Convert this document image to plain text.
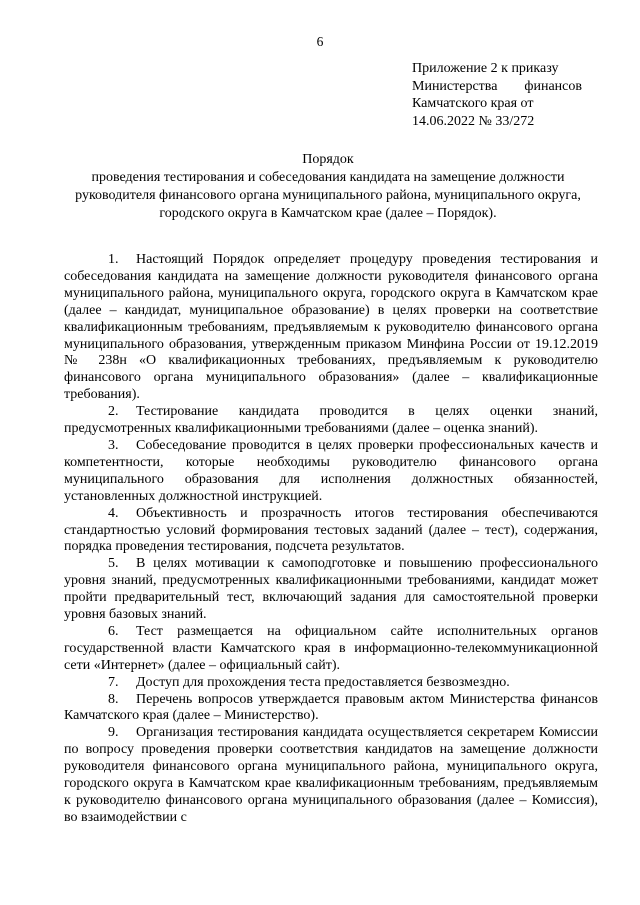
6
Приложение 2 к приказу
Министерства финансов
Камчатского края от
14.06.2022 № 33/272
Порядок
проведения тестирования и собеседования кандидата на замещение должности руководителя финансового органа муниципального района, муниципального округа, городского округа в Камчатском крае (далее – Порядок).

1. Настоящий Порядок определяет процедуру проведения тестирования и собеседования кандидата на замещение должности руководителя финансового органа муниципального района, муниципального округа, городского округа в Камчатском крае (далее – кандидат, муниципальное образование) в целях проверки на соответствие квалификационным требованиям, предъявляемым к руководителю финансового органа муниципального образования, утвержденным приказом Минфина России от 19.12.2019 № 238н «О квалификационных требованиях, предъявляемым к руководителю финансового органа муниципального образования» (далее – квалификационные требования).

2. Тестирование кандидата проводится в целях оценки знаний, предусмотренных квалификационными требованиями (далее – оценка знаний).

3. Собеседование проводится в целях проверки профессиональных качеств и компетентности, которые необходимы руководителю финансового органа муниципального образования для исполнения должностных обязанностей, установленных должностной инструкцией.

4. Объективность и прозрачность итогов тестирования обеспечиваются стандартностью условий формирования тестовых заданий (далее – тест), содержания, порядка проведения тестирования, подсчета результатов.

5. В целях мотивации к самоподготовке и повышению профессионального уровня знаний, предусмотренных квалификационными требованиями, кандидат может пройти предварительный тест, включающий задания для самостоятельной проверки уровня базовых знаний.

6. Тест размещается на официальном сайте исполнительных органов государственной власти Камчатского края в информационно-телекоммуникационной сети «Интернет» (далее – официальный сайт).

7. Доступ для прохождения теста предоставляется безвозмездно.

8. Перечень вопросов утверждается правовым актом Министерства финансов Камчатского края (далее – Министерство).

9. Организация тестирования кандидата осуществляется секретарем Комиссии по вопросу проведения проверки соответствия кандидатов на замещение должности руководителя финансового органа муниципального района, муниципального округа, городского округа в Камчатском крае квалификационным требованиям, предъявляемым к руководителю финансового органа муниципального образования (далее – Комиссия), во взаимодействии с
